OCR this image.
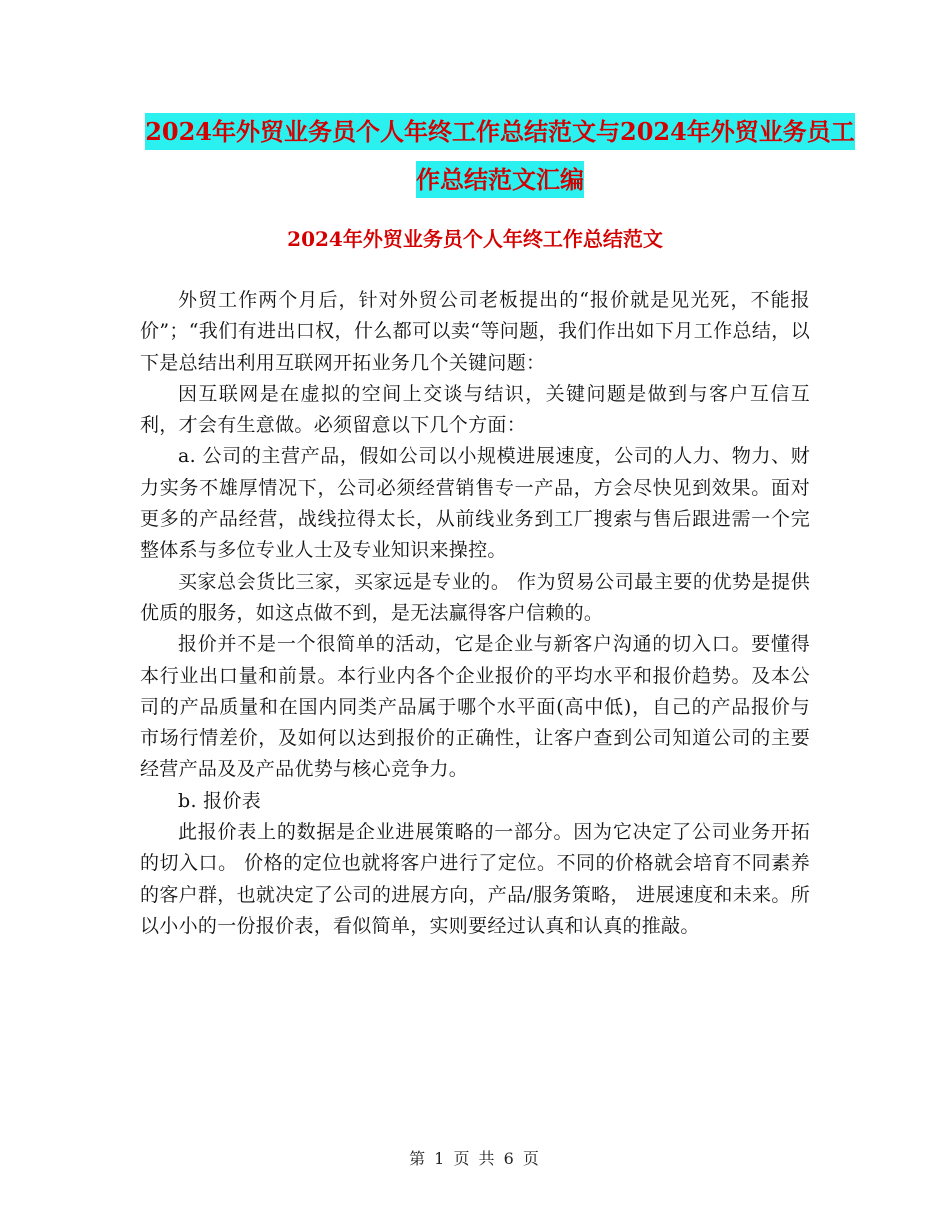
2024年外贸业务员个人年终工作总结范文与2024年外贸业务员工作总结范文汇编
2024年外贸业务员个人年终工作总结范文

外贸工作两个月后，针对外贸公司老板提出的“报价就是见光死，不能报价”；“我们有进出口权，什么都可以卖“等问题，我们作出如下月工作总结，以下是总结出利用互联网开拓业务几个关键问题：

因互联网是在虚拟的空间上交谈与结识，关键问题是做到与客户互信互利，才会有生意做。必须留意以下几个方面：

a. 公司的主营产品，假如公司以小规模进展速度，公司的人力、物力、财力实务不雄厚情况下，公司必须经营销售专一产品，方会尽快见到效果。面对更多的产品经营，战线拉得太长，从前线业务到工厂搜索与售后跟进需一个完整体系与多位专业人士及专业知识来操控。

买家总会货比三家，买家远是专业的。 作为贸易公司最主要的优势是提供优质的服务，如这点做不到，是无法赢得客户信赖的。

报价并不是一个很简单的活动，它是企业与新客户沟通的切入口。要懂得本行业出口量和前景。本行业内各个企业报价的平均水平和报价趋势。及本公司的产品质量和在国内同类产品属于哪个水平面(高中低)，自己的产品报价与市场行情差价，及如何以达到报价的正确性，让客户查到公司知道公司的主要经营产品及及产品优势与核心竞争力。

b. 报价表

此报价表上的数据是企业进展策略的一部分。因为它决定了公司业务开拓的切入口。 价格的定位也就将客户进行了定位。不同的价格就会培育不同素养的客户群，也就决定了公司的进展方向，产品/服务策略， 进展速度和未来。所以小小的一份报价表，看似简单，实则要经过认真和认真的推敲。

第 1 页 共 6 页
